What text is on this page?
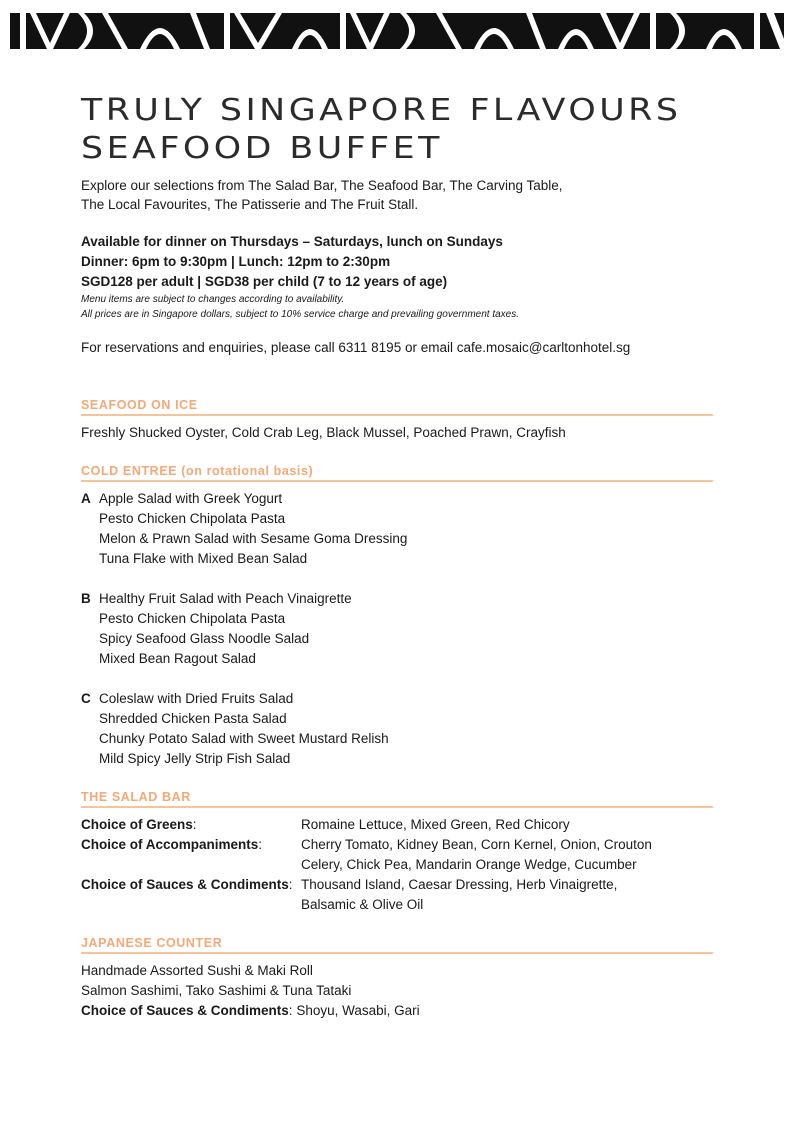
TRULY SINGAPORE FLAVOURS
SEAFOOD BUFFET

Explore our selections from The Salad Bar, The Seafood Bar, The Carving Table,

The Local Favourites, The Patisserie and The Fruit Stall.

Available for dinner on Thursdays – Saturdays, lunch on Sundays

Dinner: 6pm to 9:30pm | Lunch: 12pm to 2:30pm

SGD128 per adult | SGD38 per child (7 to 12 years of age)

Menu items are subject to changes according to availability.

All prices are in Singapore dollars, subject to 10% service charge and prevailing government taxes.

For reservations and enquiries, please call 6311 8195 or email cafe.mosaic@carltonhotel.sg

SEAFOOD ON ICE
Freshly Shucked Oyster, Cold Crab Leg, Black Mussel, Poached Prawn, Crayfish
COLD ENTREE (on rotational basis)
A Apple Salad with Greek Yogurt
Pesto Chicken Chipolata Pasta
Melon & Prawn Salad with Sesame Goma Dressing
Tuna Flake with Mixed Bean Salad
B Healthy Fruit Salad with Peach Vinaigrette
Pesto Chicken Chipolata Pasta
Spicy Seafood Glass Noodle Salad
Mixed Bean Ragout Salad
C Coleslaw with Dried Fruits Salad
Shredded Chicken Pasta Salad
Chunky Potato Salad with Sweet Mustard Relish
Mild Spicy Jelly Strip Fish Salad
THE SALAD BAR
Choice of Greens:	Romaine Lettuce, Mixed Green, Red Chicory
Choice of Accompaniments:	Cherry Tomato, Kidney Bean, Corn Kernel, Onion, Crouton
Celery, Chick Pea, Mandarin Orange Wedge, Cucumber
Choice of Sauces & Condiments: Thousand Island, Caesar Dressing, Herb Vinaigrette,
Balsamic & Olive Oil
JAPANESE COUNTER
Handmade Assorted Sushi & Maki Roll
Salmon Sashimi, Tako Sashimi & Tuna Tataki
Choice of Sauces & Condiments: Shoyu, Wasabi, Gari
